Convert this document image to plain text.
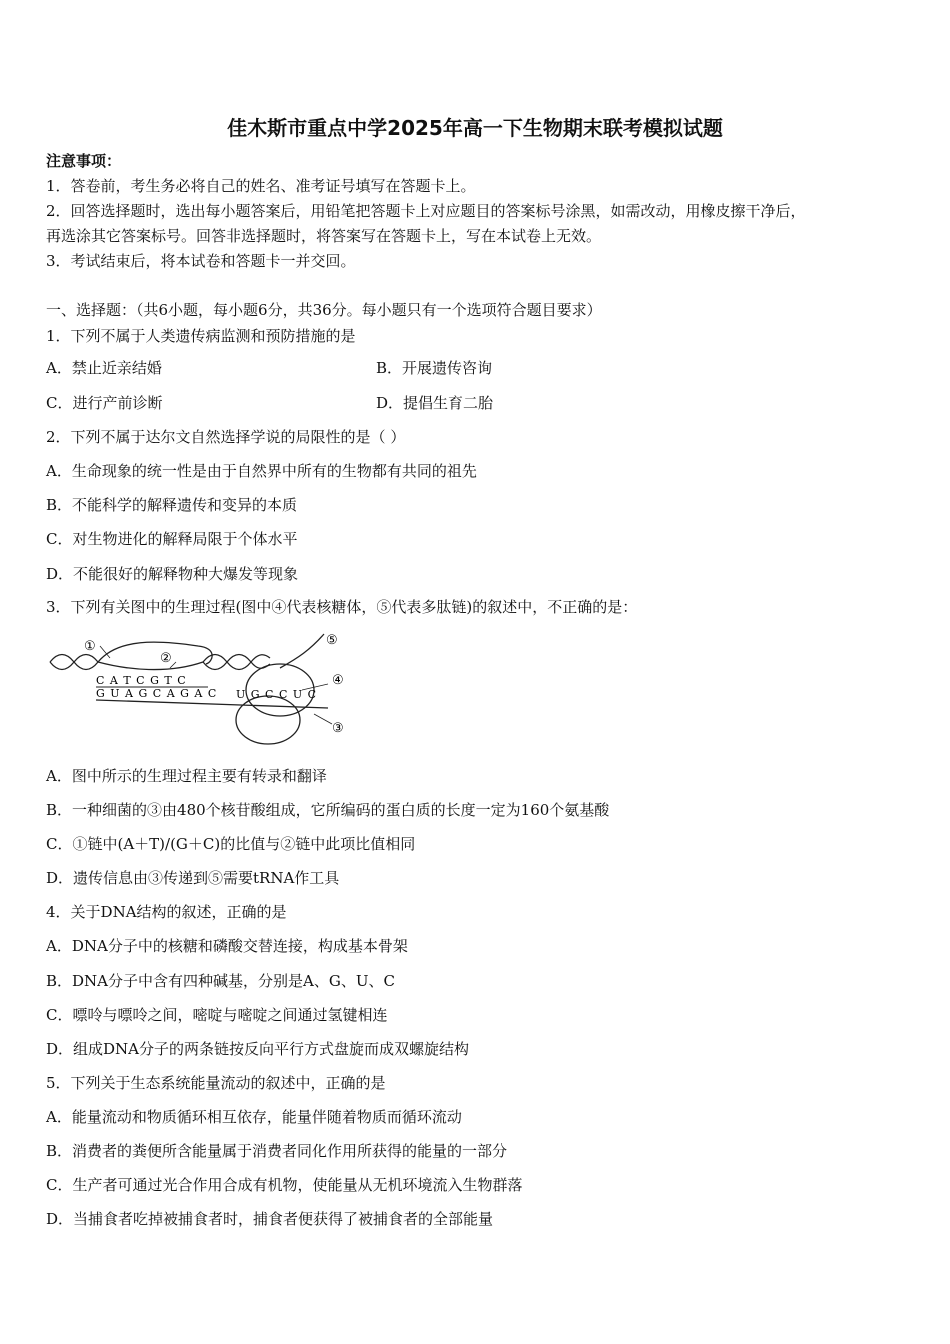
佳木斯市重点中学2025年高一下生物期末联考模拟试题
注意事项：
1．答卷前，考生务必将自己的姓名、准考证号填写在答题卡上。
2．回答选择题时，选出每小题答案后，用铅笔把答题卡上对应题目的答案标号涂黑，如需改动，用橡皮擦干净后，
再选涂其它答案标号。回答非选择题时，将答案写在答题卡上，写在本试卷上无效。
3．考试结束后，将本试卷和答题卡一并交回。
一、选择题：（共6小题，每小题6分，共36分。每小题只有一个选项符合题目要求）
1．下列不属于人类遗传病监测和预防措施的是
A．禁止近亲结婚	B．开展遗传咨询
C．进行产前诊断	D．提倡生育二胎
2．下列不属于达尔文自然选择学说的局限性的是（ ）
A．生命现象的统一性是由于自然界中所有的生物都有共同的祖先
B．不能科学的解释遗传和变异的本质
C．对生物进化的解释局限于个体水平
D．不能很好的解释物种大爆发等现象
3．下列有关图中的生理过程(图中④代表核糖体，⑤代表多肽链)的叙述中，不正确的是：
①
②
③
④
⑤
C A T C G T C
G U A G C A G A C U G C C U C
A．图中所示的生理过程主要有转录和翻译
B．一种细菌的③由480个核苷酸组成，它所编码的蛋白质的长度一定为160个氨基酸
C．①链中(A＋T)/(G＋C)的比值与②链中此项比值相同
D．遗传信息由③传递到⑤需要tRNA作工具
4．关于DNA结构的叙述，正确的是
A．DNA分子中的核糖和磷酸交替连接，构成基本骨架
B．DNA分子中含有四种碱基，分别是A、G、U、C
C．嘌呤与嘌呤之间，嘧啶与嘧啶之间通过氢键相连
D．组成DNA分子的两条链按反向平行方式盘旋而成双螺旋结构
5．下列关于生态系统能量流动的叙述中，正确的是
A．能量流动和物质循环相互依存，能量伴随着物质而循环流动
B．消费者的粪便所含能量属于消费者同化作用所获得的能量的一部分
C．生产者可通过光合作用合成有机物，使能量从无机环境流入生物群落
D．当捕食者吃掉被捕食者时，捕食者便获得了被捕食者的全部能量
